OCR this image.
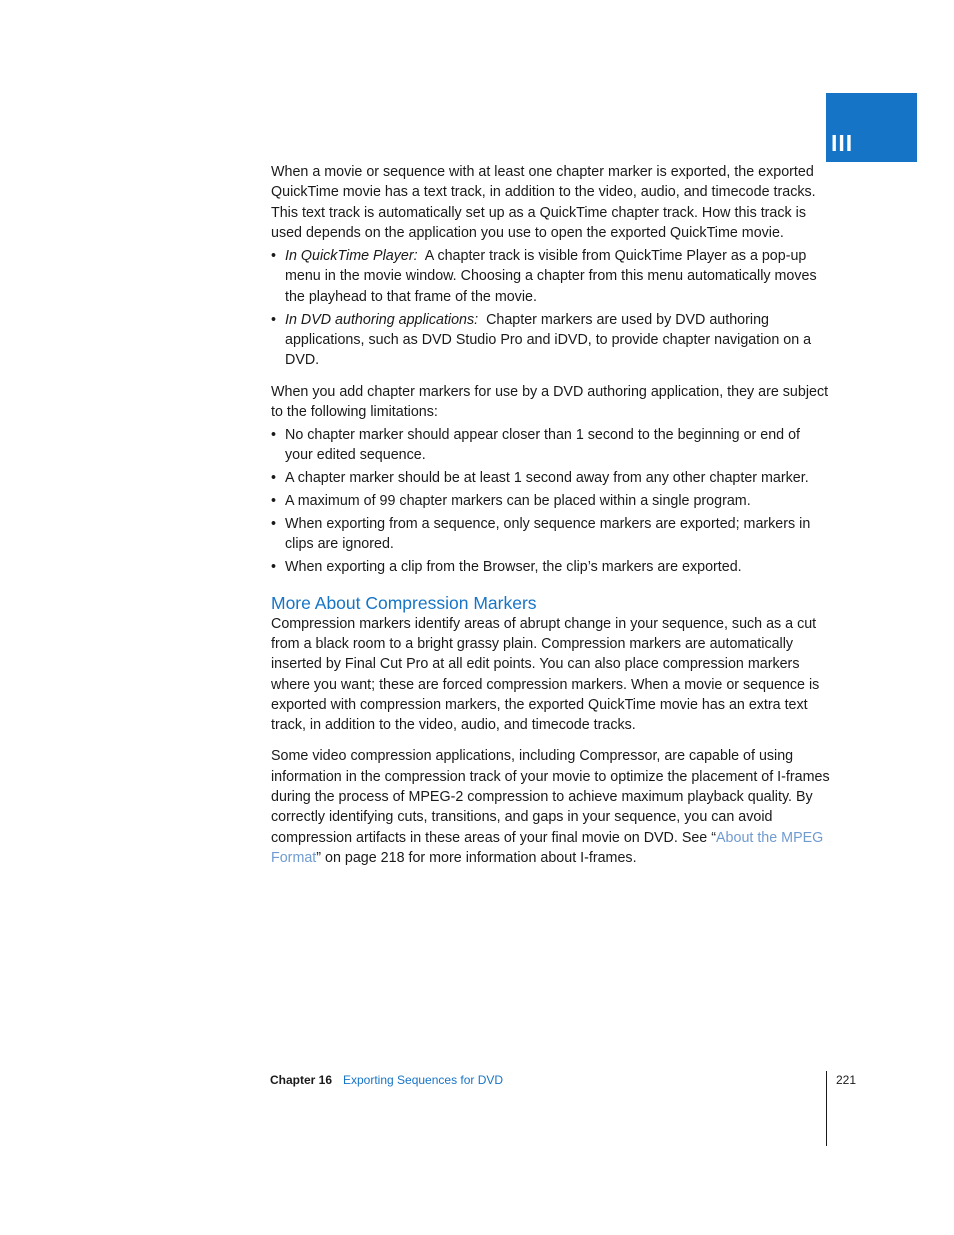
III

When a movie or sequence with at least one chapter marker is exported, the exported QuickTime movie has a text track, in addition to the video, audio, and timecode tracks. This text track is automatically set up as a QuickTime chapter track. How this track is used depends on the application you use to open the exported QuickTime movie.

• In QuickTime Player: A chapter track is visible from QuickTime Player as a pop-up menu in the movie window. Choosing a chapter from this menu automatically moves the playhead to that frame of the movie.
• In DVD authoring applications: Chapter markers are used by DVD authoring applications, such as DVD Studio Pro and iDVD, to provide chapter navigation on a DVD.

When you add chapter markers for use by a DVD authoring application, they are subject to the following limitations:

• No chapter marker should appear closer than 1 second to the beginning or end of your edited sequence.
• A chapter marker should be at least 1 second away from any other chapter marker.
• A maximum of 99 chapter markers can be placed within a single program.
• When exporting from a sequence, only sequence markers are exported; markers in clips are ignored.
• When exporting a clip from the Browser, the clip’s markers are exported.
More About Compression Markers

Compression markers identify areas of abrupt change in your sequence, such as a cut from a black room to a bright grassy plain. Compression markers are automatically inserted by Final Cut Pro at all edit points. You can also place compression markers where you want; these are forced compression markers. When a movie or sequence is exported with compression markers, the exported QuickTime movie has an extra text track, in addition to the video, audio, and timecode tracks.

Some video compression applications, including Compressor, are capable of using information in the compression track of your movie to optimize the placement of I-frames during the process of MPEG-2 compression to achieve maximum playback quality. By correctly identifying cuts, transitions, and gaps in your sequence, you can avoid compression artifacts in these areas of your final movie on DVD. See “About the MPEG Format” on page 218 for more information about I-frames.

Chapter 16 Exporting Sequences for DVD	221
